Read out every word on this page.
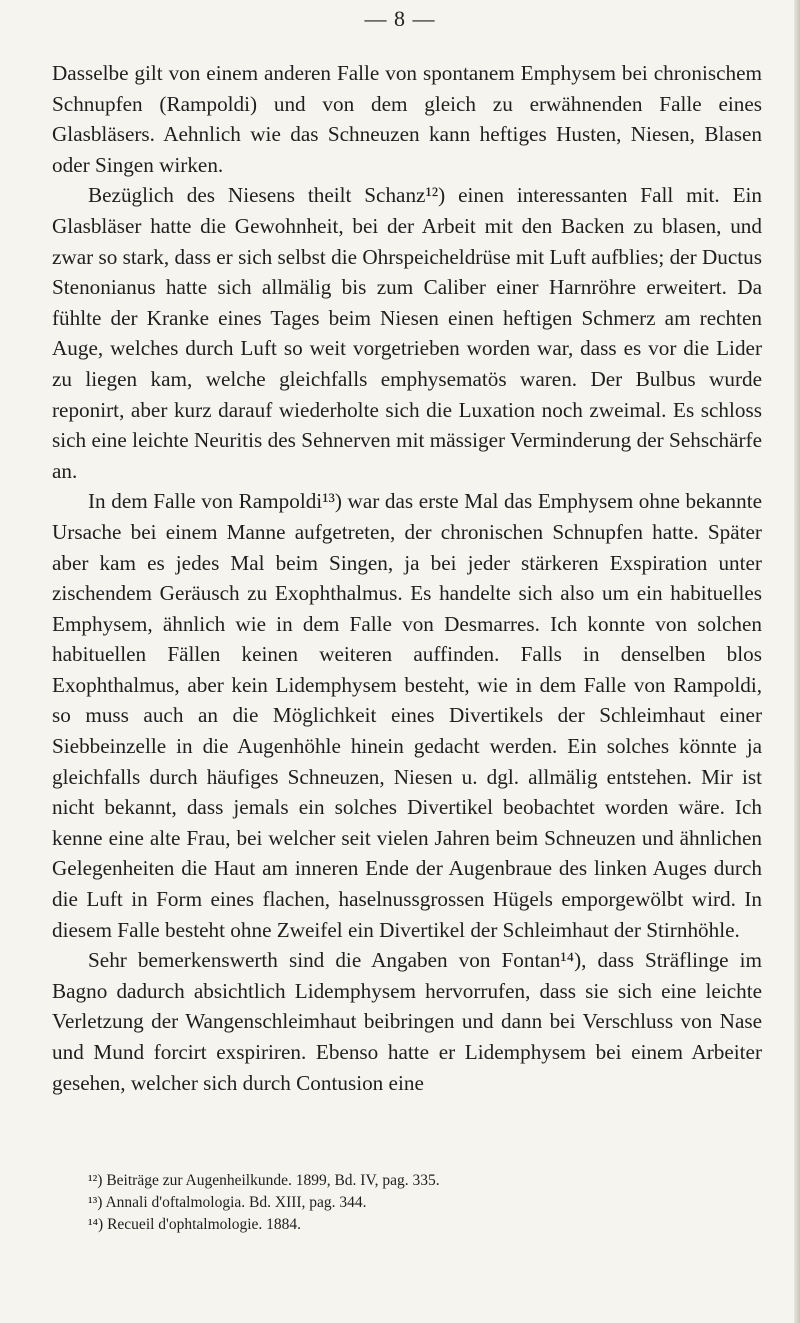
— 8 —

Dasselbe gilt von einem anderen Falle von spontanem Emphysem bei chronischem Schnupfen (Rampoldi) und von dem gleich zu erwähnenden Falle eines Glasbläsers. Aehnlich wie das Schneuzen kann heftiges Husten, Niesen, Blasen oder Singen wirken.

Bezüglich des Niesens theilt Schanz¹²) einen interessanten Fall mit. Ein Glasbläser hatte die Gewohnheit, bei der Arbeit mit den Backen zu blasen, und zwar so stark, dass er sich selbst die Ohrspeicheldrüse mit Luft aufblies; der Ductus Stenonianus hatte sich allmälig bis zum Caliber einer Harnröhre erweitert. Da fühlte der Kranke eines Tages beim Niesen einen heftigen Schmerz am rechten Auge, welches durch Luft so weit vorgetrieben worden war, dass es vor die Lider zu liegen kam, welche gleichfalls emphysematös waren. Der Bulbus wurde reponirt, aber kurz darauf wiederholte sich die Luxation noch zweimal. Es schloss sich eine leichte Neuritis des Sehnerven mit mässiger Verminderung der Sehschärfe an.

In dem Falle von Rampoldi¹³) war das erste Mal das Emphysem ohne bekannte Ursache bei einem Manne aufgetreten, der chronischen Schnupfen hatte. Später aber kam es jedes Mal beim Singen, ja bei jeder stärkeren Exspiration unter zischendem Geräusch zu Exophthalmus. Es handelte sich also um ein habituelles Emphysem, ähnlich wie in dem Falle von Desmarres. Ich konnte von solchen habituellen Fällen keinen weiteren auffinden. Falls in denselben blos Exophthalmus, aber kein Lidemphysem besteht, wie in dem Falle von Rampoldi, so muss auch an die Möglichkeit eines Divertikels der Schleimhaut einer Siebbeinzelle in die Augenhöhle hinein gedacht werden. Ein solches könnte ja gleichfalls durch häufiges Schneuzen, Niesen u. dgl. allmälig entstehen. Mir ist nicht bekannt, dass jemals ein solches Divertikel beobachtet worden wäre. Ich kenne eine alte Frau, bei welcher seit vielen Jahren beim Schneuzen und ähnlichen Gelegenheiten die Haut am inneren Ende der Augenbraue des linken Auges durch die Luft in Form eines flachen, haselnussgrossen Hügels emporgewölbt wird. In diesem Falle besteht ohne Zweifel ein Divertikel der Schleimhaut der Stirnhöhle.

Sehr bemerkenswerth sind die Angaben von Fontan¹⁴), dass Sträflinge im Bagno dadurch absichtlich Lidemphysem hervorrufen, dass sie sich eine leichte Verletzung der Wangenschleimhaut beibringen und dann bei Verschluss von Nase und Mund forcirt exspiriren. Ebenso hatte er Lidemphysem bei einem Arbeiter gesehen, welcher sich durch Contusion eine

¹²) Beiträge zur Augenheilkunde. 1899, Bd. IV, pag. 335.
¹³) Annali d'oftalmologia. Bd. XIII, pag. 344.
¹⁴) Recueil d'ophtalmologie. 1884.
